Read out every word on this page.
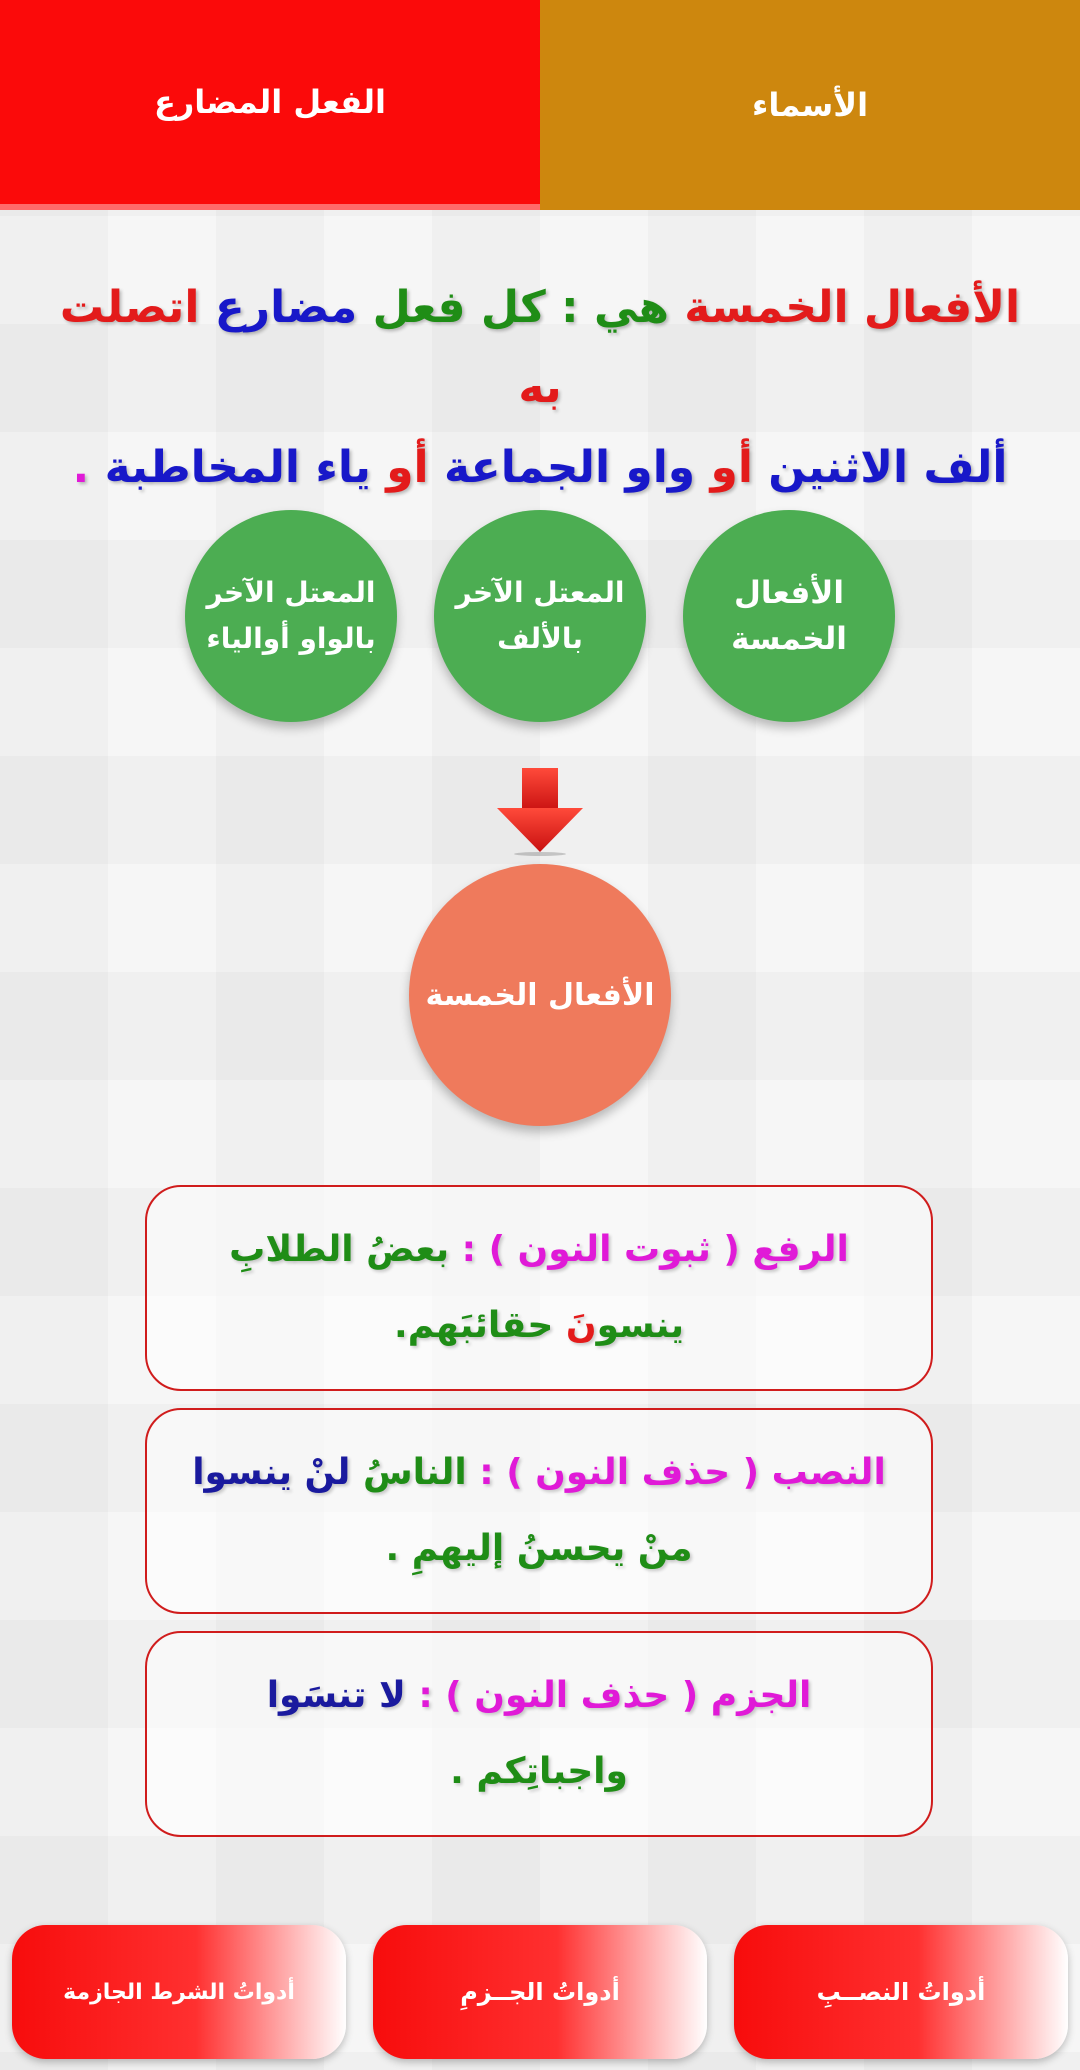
الفعل المضارع	الأسماء
الأفعال الخمسة هي : كل فعل مضارع اتصلت به
ألف الاثنين أو واو الجماعة أو ياء المخاطبة .
الأفعال
الخمسة
المعتل الآخر
بالألف
المعتل الآخر
بالواو أوالياء
الأفعال الخمسة
الرفع ( ثبوت النون ) : بعضُ الطلابِ
ينسونَ حقائبَهم.
النصب ( حذف النون ) : الناسُ لنْ ينسوا
منْ يحسنُ إليهمِ .
الجزم ( حذف النون ) : لا تنسَوا
واجباتِكم .
أدواتُ الشرط الجازمة	أدواتُ الجــزمِ	أدواتُ النصــبِ
